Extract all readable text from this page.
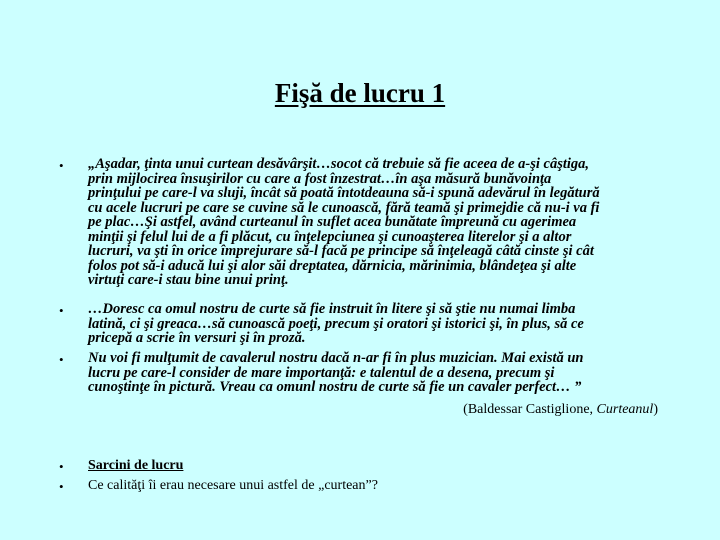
Fişă de lucru 1
• „Aşadar, ţinta unui curtean desăvârşit…socot că trebuie să fie aceea de a-şi câştiga,
prin mijlocirea însuşirilor cu care a fost înzestrat…în aşa măsură bunăvoinţa
prinţului pe care-l va sluji, încât să poată întotdeauna să-i spună adevărul în legătură
cu acele lucruri pe care se cuvine să le cunoască, fără teamă şi primejdie că nu-i va fi
pe plac…Şi astfel, având curteanul în suflet acea bunătate împreună cu agerimea
minţii şi felul lui de a fi plăcut, cu înţelepciunea şi cunoaşterea literelor şi a altor
lucruri, va şti în orice împrejurare să-l facă pe principe să înţeleagă câtă cinste şi cât
folos pot să-i aducă lui şi alor săi dreptatea, dărnicia, mărinimia, blândeţea şi alte
virtuţi care-i stau bine unui prinţ.
• …Doresc ca omul nostru de curte să fie instruit în litere şi să ştie nu numai limba
latină, ci şi greaca…să cunoască poeţi, precum şi oratori şi istorici şi, în plus, să ce
pricepă a scrie în versuri şi în proză.
• Nu voi fi mulţumit de cavalerul nostru dacă n-ar fi în plus muzician. Mai există un
lucru pe care-l consider de mare importanţă: e talentul de a desena, precum şi
cunoştinţe în pictură. Vreau ca omunl nostru de curte să fie un cavaler perfect… ”
(Baldessar Castiglione, Curteanul)
• Sarcini de lucru
• Ce calităţi îi erau necesare unui astfel de „curtean”?
